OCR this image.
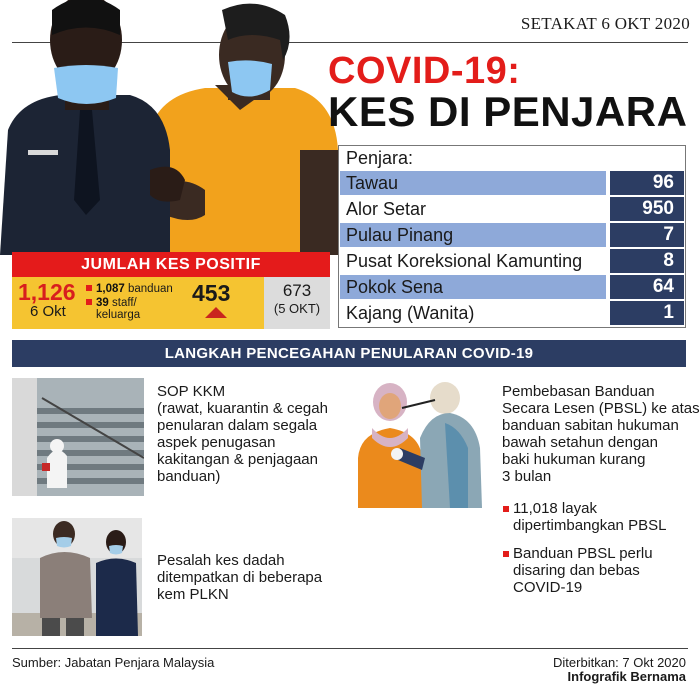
SETAKAT 6 OKT 2020
COVID-19:
KES DI PENJARA
Penjara:
Tawau	96
Alor Setar	950
Pulau Pinang	7
Pusat Koreksional Kamunting	8
Pokok Sena	64
Kajang (Wanita)	1
JUMLAH KES POSITIF
1,126
6 Okt
1,087 banduan
39 staff/
keluarga
453	673
(5 OKT)
LANGKAH PENCEGAHAN PENULARAN COVID-19
SOP KKM
(rawat, kuarantin & cegah
penularan dalam segala
aspek penugasan
kakitangan & penjagaan
banduan)
Pesalah kes dadah
ditempatkan di beberapa
kem PLKN
Pembebasan Banduan
Secara Lesen (PBSL) ke atas
banduan sabitan hukuman
bawah setahun dengan
baki hukuman kurang
3 bulan
11,018 layak
dipertimbangkan PBSL
Banduan PBSL perlu
disaring dan bebas
COVID-19
Sumber: Jabatan Penjara Malaysia	Diterbitkan: 7 Okt 2020
Infografik Bernama
